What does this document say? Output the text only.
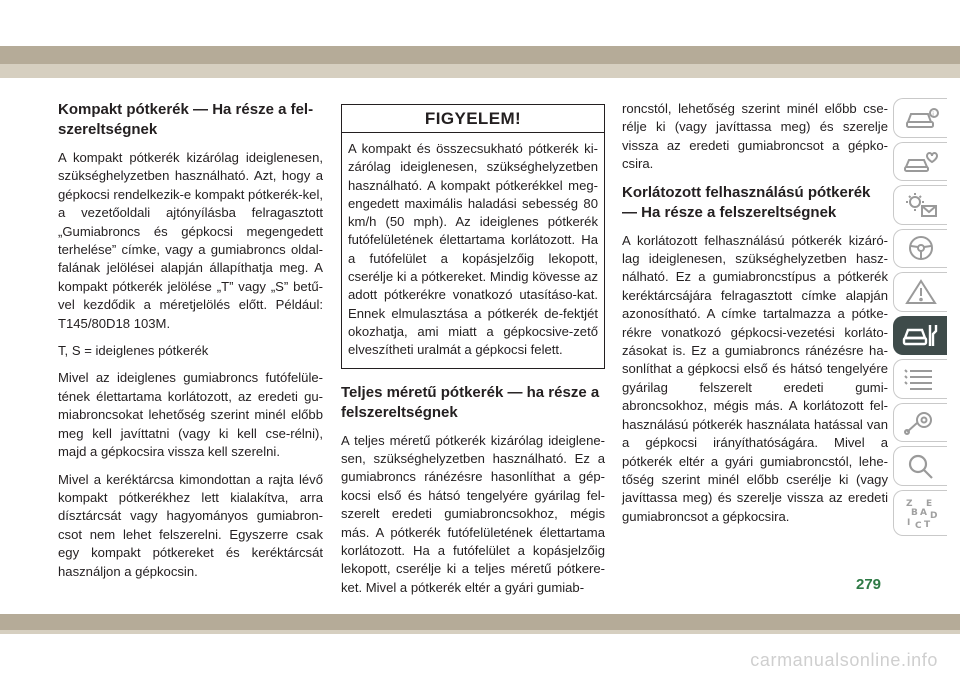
Kompakt pótkerék — Ha része a fel-szereltségnek

A kompakt pótkerék kizárólag ideiglenesen, szükséghelyzetben használható. Azt, hogy a gépkocsi rendelkezik-e kompakt pótkerék-kel, a vezetőoldali ajtónyílásba felragasztott „Gumiabroncs és gépkocsi megengedett terhelése” címke, vagy a gumiabroncs oldal-falának jelölései alapján állapíthatja meg. A kompakt pótkerék jelölése „T” vagy „S” betű-vel kezdődik a méretjelölés előtt. Például: T145/80D18 103M.

T, S = ideiglenes pótkerék

Mivel az ideiglenes gumiabroncs futófelüle-tének élettartama korlátozott, az eredeti gu-miabroncsokat lehetőség szerint minél előbb meg kell javíttatni (vagy ki kell cse-rélni), majd a gépkocsira vissza kell szerelni.

Mivel a keréktárcsa kimondottan a rajta lévő kompakt pótkerékhez lett kialakítva, arra dísztárcsát vagy hagyományos gumiabron-csot nem lehet felszerelni. Egyszerre csak egy kompakt pótkereket és keréktárcsát használjon a gépkocsin.

FIGYELEM!
A kompakt és összecsukható pótkerék ki-zárólag ideiglenesen, szükséghelyzetben használható. A kompakt pótkerékkel meg-engedett maximális haladási sebesség 80 km/h (50 mph). Az ideiglenes pótkerék futófelületének élettartama korlátozott. Ha a futófelület a kopásjelzőig lekopott, cserélje ki a pótkereket. Mindig kövesse az adott pótkerékre vonatkozó utasításo-kat. Ennek elmulasztása a pótkerék de-fektjét okozhatja, ami miatt a gépkocsive-zető elveszítheti uralmát a gépkocsi felett.
Teljes méretű pótkerék — ha része a felszereltségnek

A teljes méretű pótkerék kizárólag ideiglene-sen, szükséghelyzetben használható. Ez a gumiabroncs ránézésre hasonlíthat a gép-kocsi első és hátsó tengelyére gyárilag fel-szerelt eredeti gumiabroncsokhoz, mégis más. A pótkerék futófelületének élettartama korlátozott. Ha a futófelület a kopásjelzőig lekopott, cserélje ki a teljes méretű pótkere-ket. Mivel a pótkerék eltér a gyári gumiab-

roncstól, lehetőség szerint minél előbb cse-rélje ki (vagy javíttassa meg) és szerelje vissza az eredeti gumiabroncsot a gépko-csira.

Korlátozott felhasználású pótkerék — Ha része a felszereltségnek

A korlátozott felhasználású pótkerék kizáró-lag ideiglenesen, szükséghelyzetben hasz-nálható. Ez a gumiabroncstípus a pótkerék keréktárcsájára felragasztott címke alapján azonosítható. A címke tartalmazza a pótke-rékre vonatkozó gépkocsi-vezetési korláto-zásokat is. Ez a gumiabroncs ránézésre ha-sonlíthat a gépkocsi első és hátsó tengelyére gyárilag felszerelt eredeti gumi-abroncsokhoz, mégis más. A korlátozott fel-használású pótkerék használata hatással van a gépkocsi irányíthatóságára. Mivel a pótkerék eltér a gyári gumiabroncstól, lehe-tőség szerint minél előbb cserélje ki (vagy javíttassa meg) és szerelje vissza az eredeti gumiabroncsot a gépkocsira.

i
Z E
B A D
I C T
279
carmanualsonline.info
